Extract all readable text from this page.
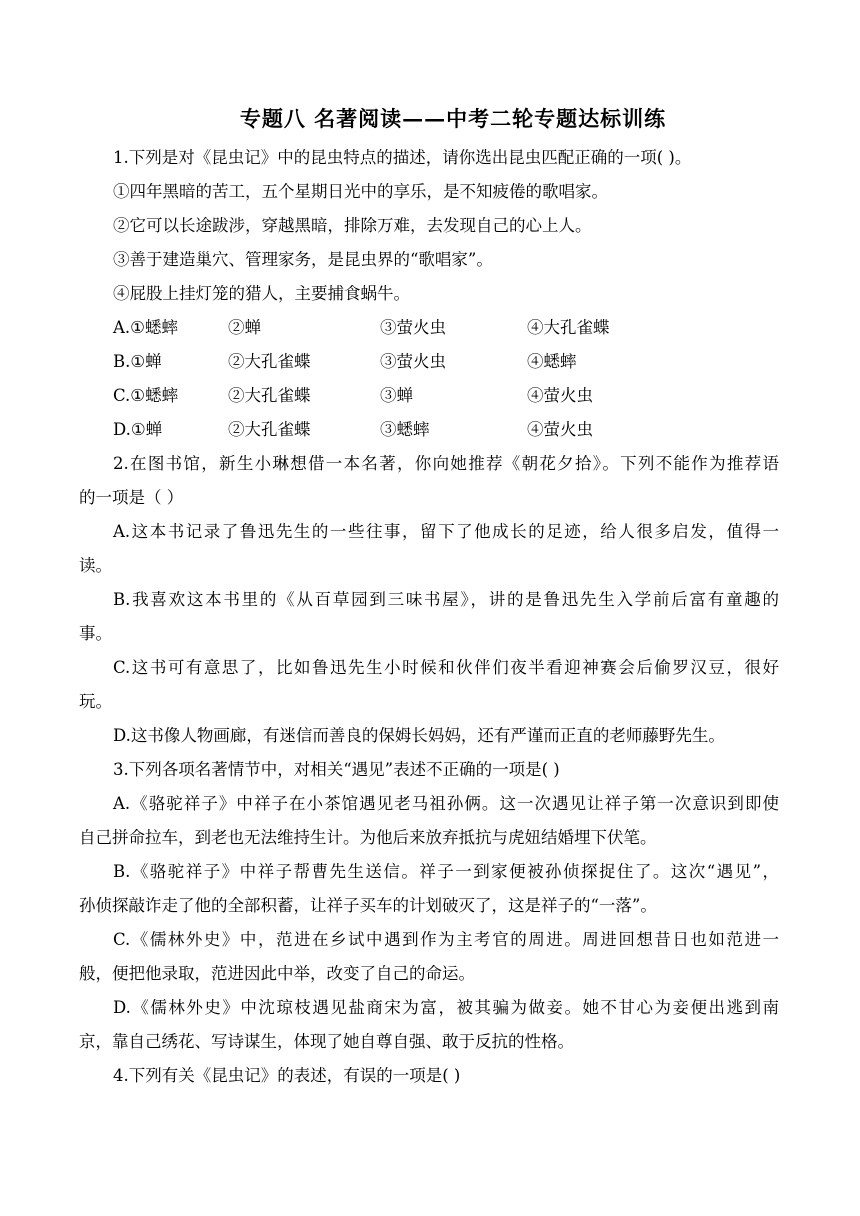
专题八 名著阅读——中考二轮专题达标训练
1.下列是对《昆虫记》中的昆虫特点的描述，请你选出昆虫匹配正确的一项( )。
①四年黑暗的苦工，五个星期日光中的享乐，是不知疲倦的歌唱家。
②它可以长途跋涉，穿越黑暗，排除万难，去发现自己的心上人。
③善于建造巢穴、管理家务，是昆虫界的“歌唱家”。
④屁股上挂灯笼的猎人，主要捕食蜗牛。
A.①蟋蟀	②蝉	③萤火虫	④大孔雀蝶
B.①蝉	②大孔雀蝶	③萤火虫	④蟋蟀
C.①蟋蟀	②大孔雀蝶	③蝉	④萤火虫
D.①蝉	②大孔雀蝶	③蟋蟀	④萤火虫
2.在图书馆，新生小琳想借一本名著，你向她推荐《朝花夕拾》。下列不能作为推荐语
的一项是（ ）
A.这本书记录了鲁迅先生的一些往事，留下了他成长的足迹，给人很多启发，值得一
读。
B.我喜欢这本书里的《从百草园到三味书屋》，讲的是鲁迅先生入学前后富有童趣的
事。
C.这书可有意思了，比如鲁迅先生小时候和伙伴们夜半看迎神赛会后偷罗汉豆，很好
玩。
D.这书像人物画廊，有迷信而善良的保姆长妈妈，还有严谨而正直的老师藤野先生。
3.下列各项名著情节中，对相关“遇见”表述不正确的一项是( )
A.《骆驼祥子》中祥子在小茶馆遇见老马祖孙俩。这一次遇见让祥子第一次意识到即使
自己拼命拉车，到老也无法维持生计。为他后来放弃抵抗与虎妞结婚埋下伏笔。
B.《骆驼祥子》中祥子帮曹先生送信。祥子一到家便被孙侦探捉住了。这次“遇见”，
孙侦探敲诈走了他的全部积蓄，让祥子买车的计划破灭了，这是祥子的“一落”。
C.《儒林外史》中，范进在乡试中遇到作为主考官的周进。周进回想昔日也如范进一
般，便把他录取，范进因此中举，改变了自己的命运。
D.《儒林外史》中沈琼枝遇见盐商宋为富，被其骗为做妾。她不甘心为妾便出逃到南
京，靠自己绣花、写诗谋生，体现了她自尊自强、敢于反抗的性格。
4.下列有关《昆虫记》的表述，有误的一项是( )
